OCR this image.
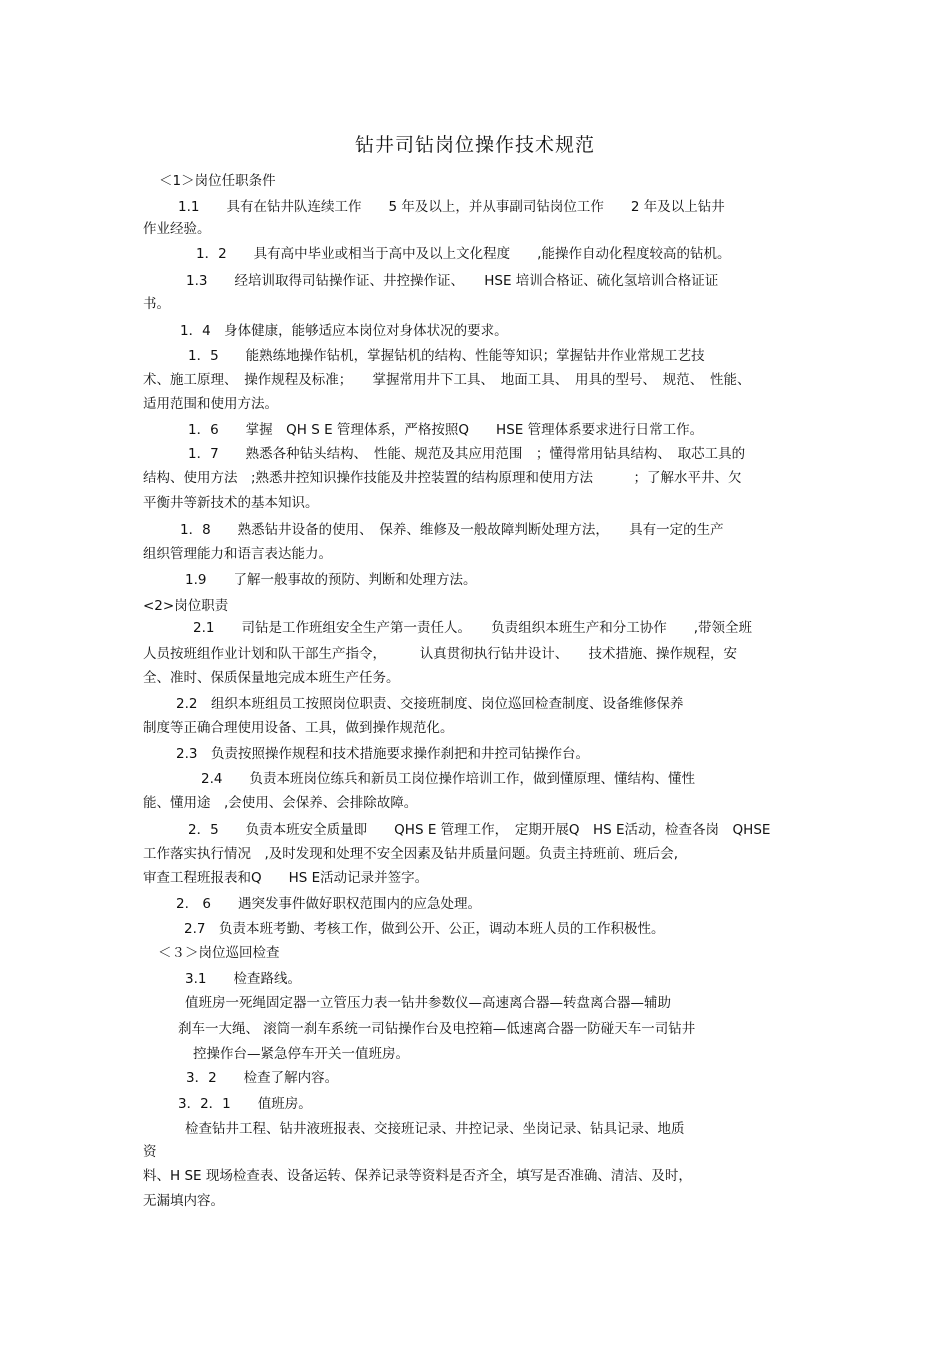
钻井司钻岗位操作技术规范
＜1＞岗位任职条件
1.1　　具有在钻井队连续工作　　5 年及以上，并从事副司钻岗位工作　　2 年及以上钻井
作业经验。
1．2　　具有高中毕业或相当于高中及以上文化程度　　,能操作自动化程度较高的钻机。
1.3　　经培训取得司钻操作证、井控操作证、　　HSE 培训合格证、硫化氢培训合格证证
书。
1．4　身体健康，能够适应本岗位对身体状况的要求。
1．5　　能熟练地操作钻机，掌握钻机的结构、性能等知识；掌握钻井作业常规工艺技
术、施工原理、　操作规程及标准；　　掌握常用井下工具、　地面工具、　用具的型号、　规范、　性能、
适用范围和使用方法。
1．6　　掌握　QH S E 管理体系，严格按照Q　　HSE 管理体系要求进行日常工作。
1．7　　熟悉各种钻头结构、　性能、规范及其应用范围　；懂得常用钻具结构、　取芯工具的
结构、使用方法　;熟悉井控知识操作技能及井控装置的结构原理和使用方法　　　；了解水平井、欠
平衡井等新技术的基本知识。
1．8　　熟悉钻井设备的使用、　保养、维修及一般故障判断处理方法，　　具有一定的生产
组织管理能力和语言表达能力。
1.9　　了解一般事故的预防、判断和处理方法。
<2>岗位职责
2.1　　司钻是工作班组安全生产第一责任人。　　负责组织本班生产和分工协作　　,带领全班
人员按班组作业计划和队干部生产指令，　　　认真贯彻执行钻井设计、　　技术措施、操作规程，安
全、准时、保质保量地完成本班生产任务。
2.2　组织本班组员工按照岗位职责、交接班制度、岗位巡回检查制度、设备维修保养
制度等正确合理使用设备、工具，做到操作规范化。
2.3　负责按照操作规程和技术措施要求操作刹把和井控司钻操作台。
2.4　　负责本班岗位练兵和新员工岗位操作培训工作，做到懂原理、懂结构、懂性
能、懂用途　,会使用、会保养、会排除故障。
2．5　　负责本班安全质量即　　QHS E 管理工作，　定期开展Q　HS E活动，检查各岗　QHSE
工作落实执行情况　,及时发现和处理不安全因素及钻井质量问题。负责主持班前、班后会,
审查工程班报表和Q　　HS E活动记录并签字。
2.　6　　遇突发事件做好职权范围内的应急处理。
2.7　负责本班考勤、考核工作，做到公开、公正，调动本班人员的工作积极性。
＜３＞岗位巡回检查
3.1　　检查路线。
值班房一死绳固定器一立管压力表一钻井参数仪—高速离合器—转盘离合器—辅助
刹车一大绳、 滚筒一刹车系统一司钻操作台及电控箱—低速离合器一防碰天车一司钻井
控操作台—紧急停车开关一值班房。
3．2　　检查了解内容。
3．2．1　　值班房。
检查钻井工程、钻井液班报表、交接班记录、井控记录、坐岗记录、钻具记录、地质
资
料、H SE 现场检查表、设备运转、保养记录等资料是否齐全，填写是否准确、清洁、及时，
无漏填内容。
